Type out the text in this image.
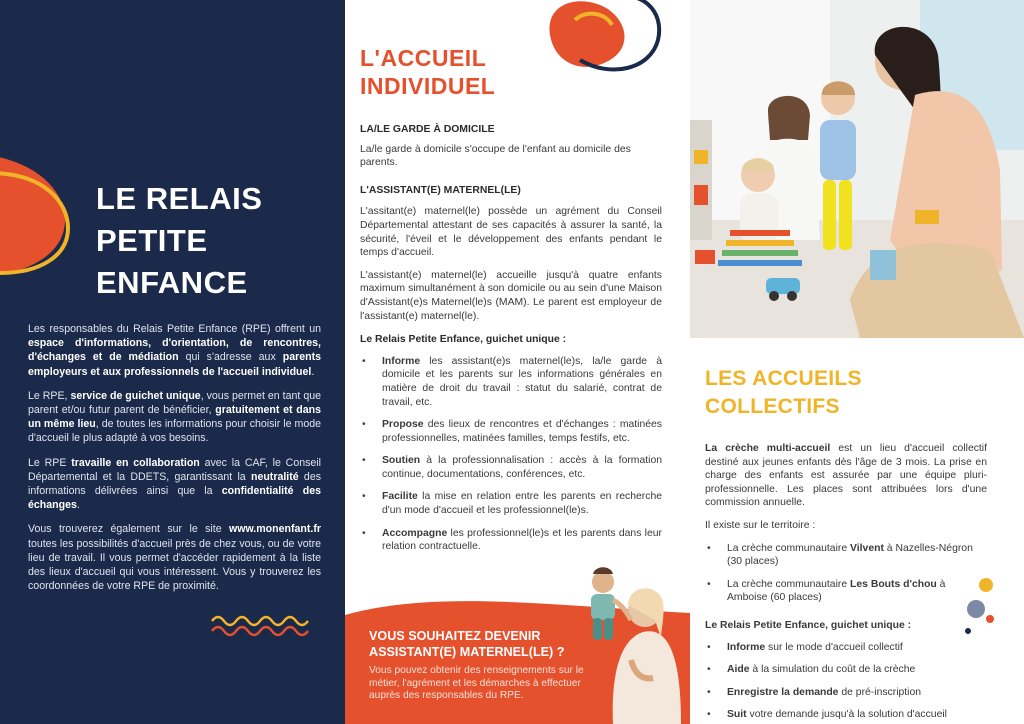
LE RELAIS
PETITE
ENFANCE

Les responsables du Relais Petite Enfance (RPE) offrent un espace d'informations, d'orientation, de rencontres, d'échanges et de médiation qui s'adresse aux parents employeurs et aux professionnels de l'accueil individuel.

Le RPE, service de guichet unique, vous permet en tant que parent et/ou futur parent de bénéficier, gratuitement et dans un même lieu, de toutes les informations pour choisir le mode d'accueil le plus adapté à vos besoins.

Le RPE travaille en collaboration avec la CAF, le Conseil Départemental et la DDETS, garantissant la neutralité des informations délivrées ainsi que la confidentialité des échanges.

Vous trouverez également sur le site www.monenfant.fr toutes les possibilités d'accueil près de chez vous, ou de votre lieu de travail. Il vous permet d'accéder rapidement à la liste des lieux d'accueil qui vous intéressent. Vous y trouverez les coordonnées de votre RPE de proximité.

L'ACCUEIL
INDIVIDUEL
LA/LE GARDE À DOMICILE

La/le garde à domicile s'occupe de l'enfant au domicile des parents.

L'ASSISTANT(E) MATERNEL(LE)

L'assitant(e) maternel(le) possède un agrément du Conseil Départemental attestant de ses capacités à assurer la santé, la sécurité, l'éveil et le développement des enfants pendant le temps d'accueil.

L'assistant(e) maternel(le) accueille jusqu'à quatre enfants maximum simultanément à son domicile ou au sein d'une Maison d'Assistant(e)s Maternel(le)s (MAM). Le parent est employeur de l'assistant(e) maternel(le).

Le Relais Petite Enfance, guichet unique :
• Informe les assistant(e)s maternel(le)s, la/le garde à domicile et les parents sur les informations générales en matière de droit du travail : statut du salarié, contrat de travail, etc.
• Propose des lieux de rencontres et d'échanges : matinées professionnelles, matinées familles, temps festifs, etc.
• Soutien à la professionnalisation : accès à la formation continue, documentations, conférences, etc.
• Facilite la mise en relation entre les parents en recherche d'un mode d'accueil et les professionnel(le)s.
• Accompagne les professionnel(le)s et les parents dans leur relation contractuelle.

VOUS SOUHAITEZ DEVENIR ASSISTANT(E) MATERNEL(LE) ?

Vous pouvez obtenir des renseignements sur le métier, l'agrément et les démarches à effectuer auprès des responsables du RPE.

LES ACCUEILS
COLLECTIFS

La crèche multi-accueil est un lieu d'accueil collectif destiné aux jeunes enfants dès l'âge de 3 mois. La prise en charge des enfants est assurée par une équipe pluri-professionnelle. Les places sont attribuées lors d'une commission annuelle.

Il existe sur le territoire :

• La crèche communautaire Vilvent à Nazelles-Négron (30 places)
• La crèche communautaire Les Bouts d'chou à Amboise (60 places)

Le Relais Petite Enfance, guichet unique :

• Informe sur le mode d'accueil collectif
• Aide à la simulation du coût de la crèche
• Enregistre la demande de pré-inscription
• Suit votre demande jusqu'à la solution d'accueil
